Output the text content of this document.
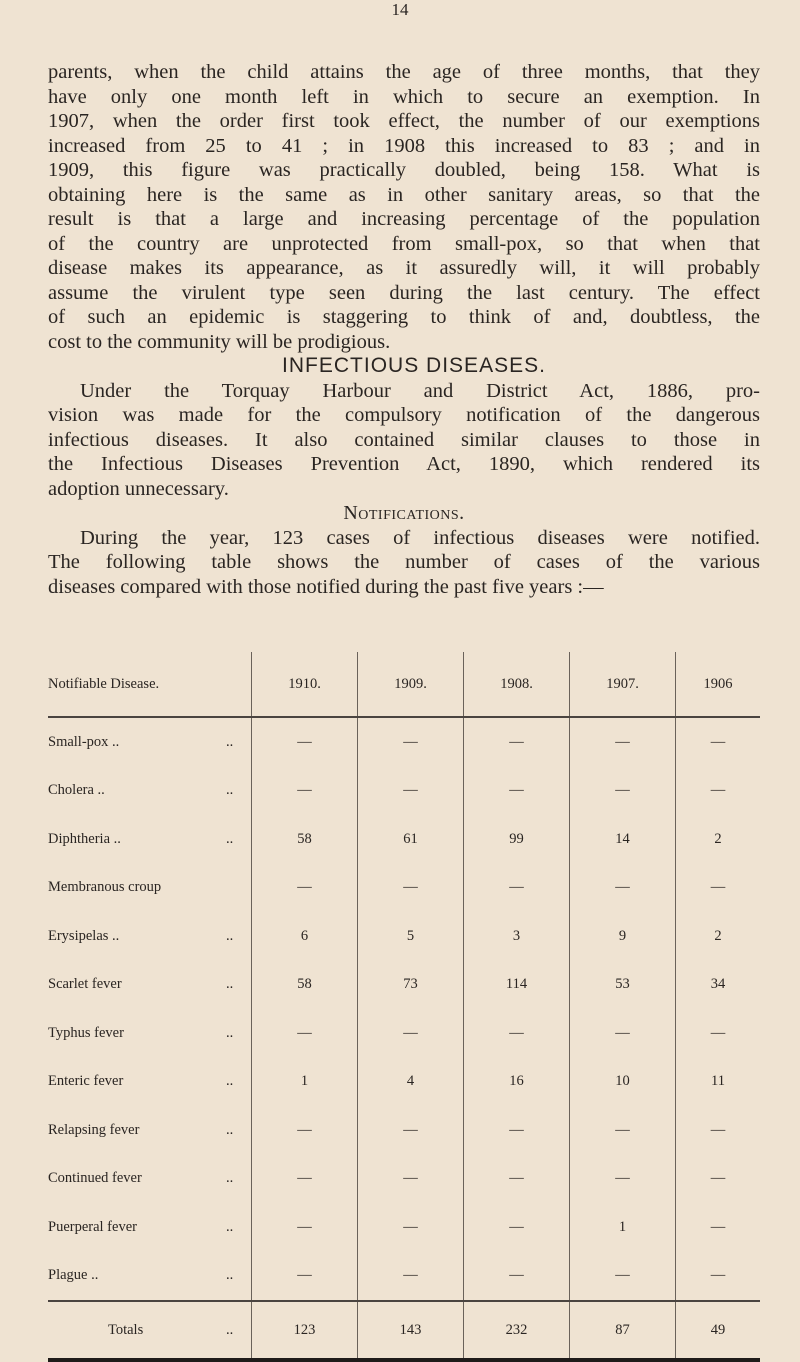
14
parents, when the child attains the age of three months, that they
have only one month left in which to secure an exemption. In
1907, when the order first took effect, the number of our exemptions
increased from 25 to 41 ; in 1908 this increased to 83 ; and in
1909, this figure was practically doubled, being 158. What is
obtaining here is the same as in other sanitary areas, so that the
result is that a large and increasing percentage of the population
of the country are unprotected from small-pox, so that when that
disease makes its appearance, as it assuredly will, it will probably
assume the virulent type seen during the last century. The effect
of such an epidemic is staggering to think of and, doubtless, the
cost to the community will be prodigious.
INFECTIOUS DISEASES.
Under the Torquay Harbour and District Act, 1886, pro-
vision was made for the compulsory notification of the dangerous
infectious diseases. It also contained similar clauses to those in
the Infectious Diseases Prevention Act, 1890, which rendered its
adoption unnecessary.
Notifications.
During the year, 123 cases of infectious diseases were notified.
The following table shows the number of cases of the various
diseases compared with those notified during the past five years :—
Notifiable Disease.	1910.	1909.	1908.	1907.	1906
Small-pox .. ..	—	—	—	—	—
Cholera .. ..	—	—	—	—	—
Diphtheria .. ..	58	61	99	14	2
Membranous croup	—	—	—	—	—
Erysipelas .. ..	6	5	3	9	2
Scarlet fever ..	58	73	114	53	34
Typhus fever ..	—	—	—	—	—
Enteric fever ..	1	4	16	10	11
Relapsing fever ..	—	—	—	—	—
Continued fever ..	—	—	—	—	—
Puerperal fever ..	—	—	—	1	—
Plague .. ..	—	—	—	—	—
Totals ..	123	143	232	87	49
